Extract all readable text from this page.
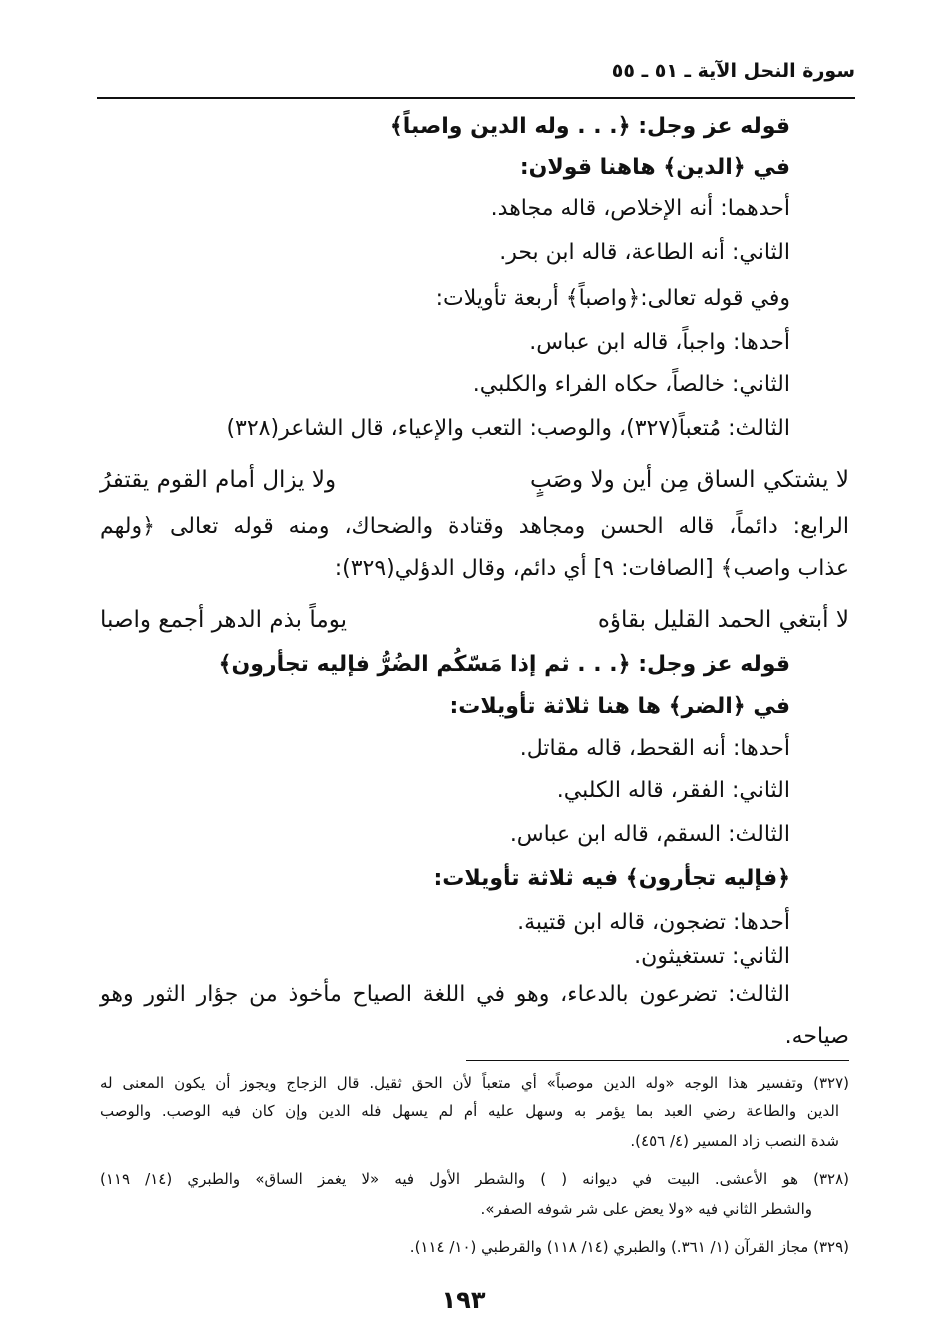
سورة النحل الآية ـ ٥١ ـ ٥٥
قوله عز وجل: ﴿. . . وله الدين واصباً﴾
في ﴿الدين﴾ هاهنا قولان:
أحدهما: أنه الإخلاص، قاله مجاهد.
الثاني: أنه الطاعة، قاله ابن بحر.
وفي قوله تعالى:﴿واصباً﴾ أربعة تأويلات:
أحدها: واجباً، قاله ابن عباس.
الثاني: خالصاً، حكاه الفراء والكلبي.
الثالث: مُتعباً(٣٢٧)، والوصب: التعب والإعياء، قال الشاعر(٣٢٨)
لا يشتكي الساق مِن أين ولا وصَبٍ
ولا يزال أمام القوم يقتفرُ
الرابع: دائماً، قاله الحسن ومجاهد وقتادة والضحاك، ومنه قوله تعالى ﴿ولهم
عذاب واصب﴾ [الصافات: ٩] أي دائم، وقال الدؤلي(٣٢٩):
لا أبتغي الحمد القليل بقاؤه
يوماً بذم الدهر أجمع واصبا
قوله عز وجل: ﴿. . . ثم إذا مَسّكُم الضُرُّ فإليه تجأرون﴾
في ﴿الضر﴾ ها هنا ثلاثة تأويلات:
أحدها: أنه القحط، قاله مقاتل.
الثاني: الفقر، قاله الكلبي.
الثالث: السقم، قاله ابن عباس.
﴿فإليه تجأرون﴾ فيه ثلاثة تأويلات:
أحدها: تضجون، قاله ابن قتيبة.
الثاني: تستغيثون.
الثالث: تضرعون بالدعاء، وهو في اللغة الصياح مأخوذ من جؤار الثور وهو
صياحه.
(٣٢٧) وتفسير هذا الوجه «وله الدين موصباً» أي متعباً لأن الحق ثقيل. قال الزجاج ويجوز أن يكون المعنى له
الدين والطاعة رضي العبد بما يؤمر به وسهل عليه أم لم يسهل فله الدين وإن كان فيه الوصب. والوصب
شدة النصب زاد المسير (٤/ ٤٥٦).
(٣٢٨) هو الأعشى. البيت في ديوانه ( ) والشطر الأول فيه «لا يغمز الساق» والطبري (١٤/ ١١٩)
والشطر الثاني فيه «ولا يعض على شر شوفه الصفر».
(٣٢٩) مجاز القرآن (١/ ٣٦١.) والطبري (١٤/ ١١٨) والقرطبي (١٠/ ١١٤).
١٩٣
